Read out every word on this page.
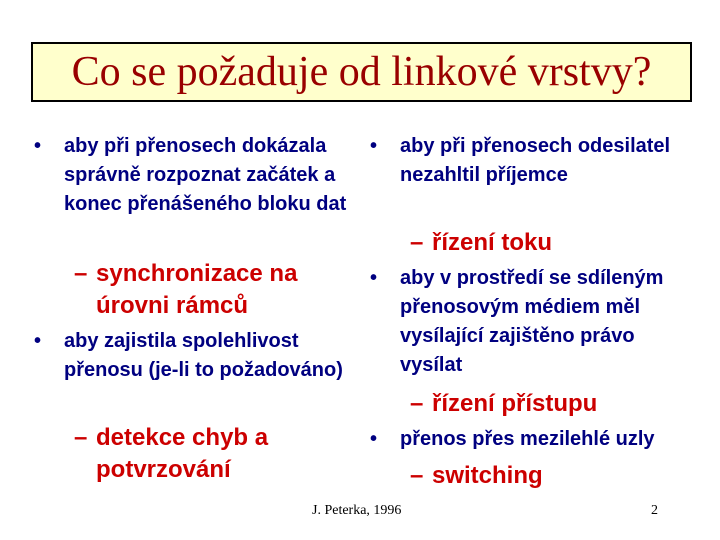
Co se požaduje od linkové vrstvy?
• aby při přenosech dokázala správně rozpoznat začátek a konec přenášeného bloku dat
– synchronizace na úrovni rámců
• aby zajistila spolehlivost přenosu (je-li to požadováno)
– detekce chyb a potvrzování
• aby při přenosech odesilatel nezahltil příjemce
– řízení toku
• aby v prostředí se sdíleným přenosovým médiem měl vysílající zajištěno právo vysílat
– řízení přístupu
• přenos přes mezilehlé uzly
– switching
J. Peterka, 1996	2
